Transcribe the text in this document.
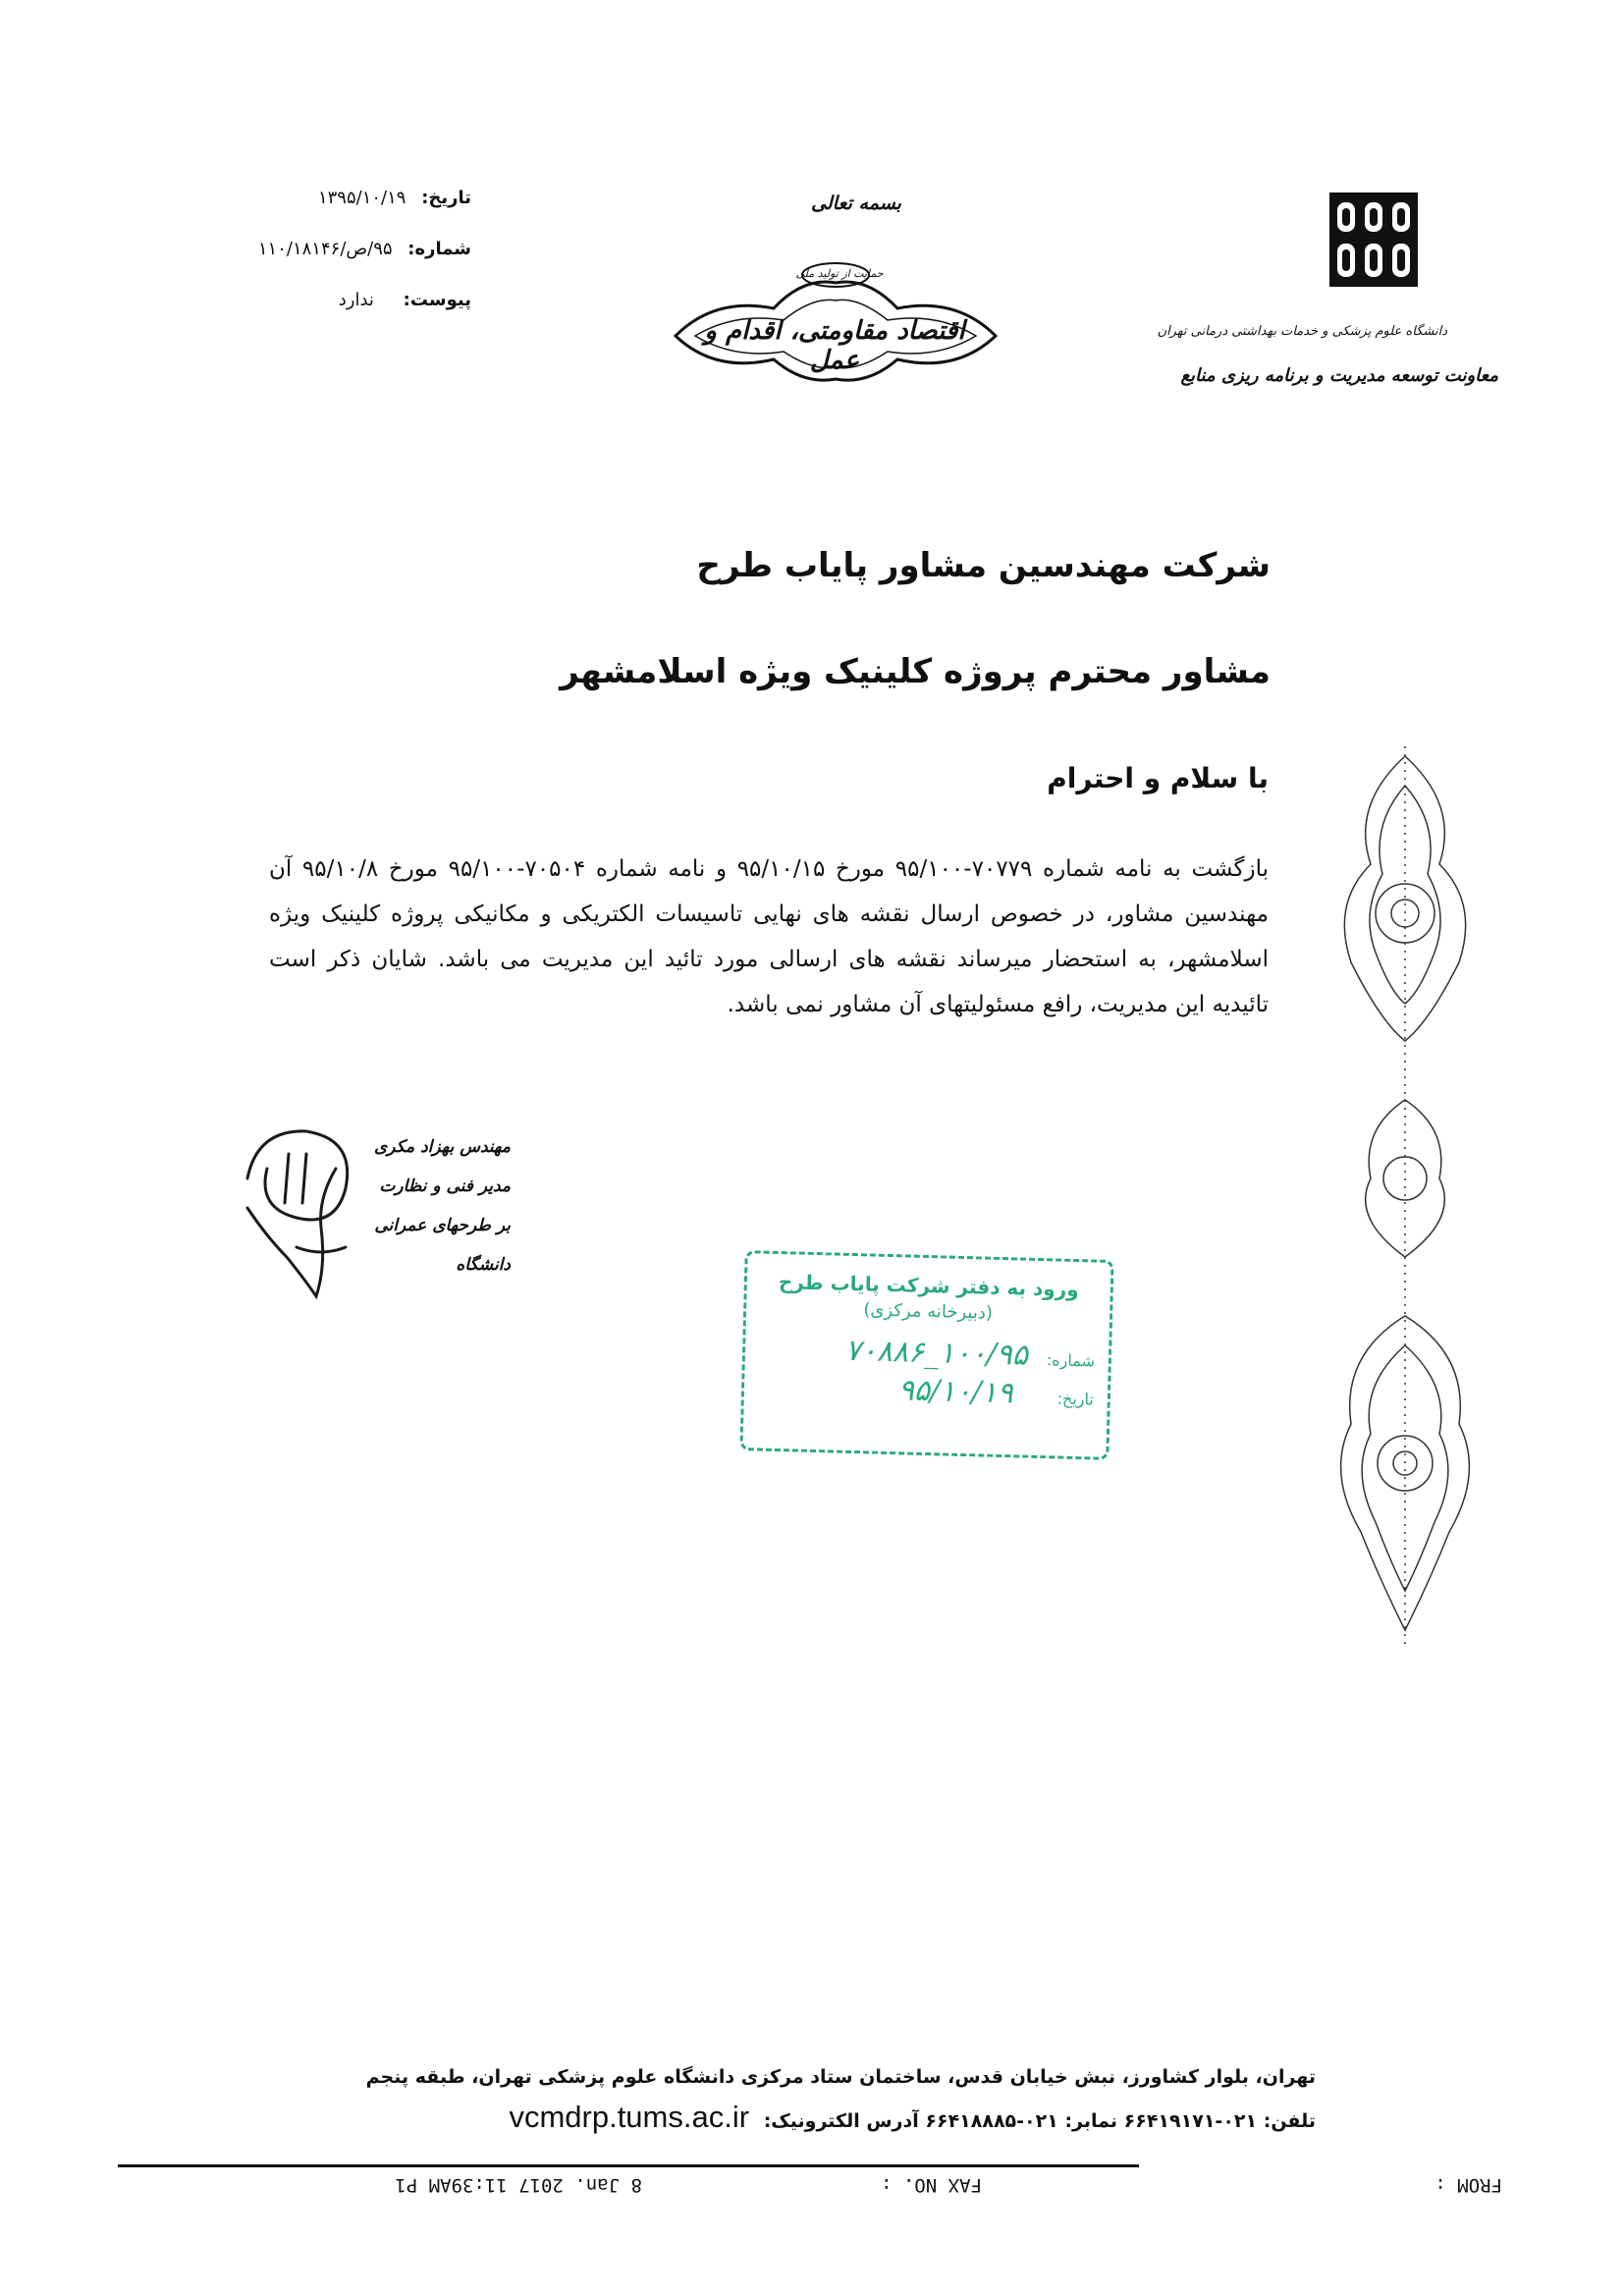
دانشگاه علوم پزشکی و خدمات بهداشتی درمانی تهران
معاونت توسعه مدیریت و برنامه ریزی منابع
بسمه تعالی
حمایت از تولید ملی
اقتصاد مقاومتی، اقدام و عمل
تاریخ: ۱۳۹۵/۱۰/۱۹
شماره: ۹۵/ص/۱۱۰/۱۸۱۴۶
پیوست: ندارد
شرکت مهندسین مشاور پایاب طرح
مشاور محترم پروژه کلینیک ویژه اسلامشهر
با سلام و احترام
بازگشت به نامه شماره ۷۰۷۷۹-۹۵/۱۰۰ مورخ ۹۵/۱۰/۱۵ و نامه شماره ۷۰۵۰۴-۹۵/۱۰۰ مورخ ۹۵/۱۰/۸ آن مهندسین مشاور، در خصوص ارسال نقشه های نهایی تاسیسات الکتریکی و مکانیکی پروژه کلینیک ویژه اسلامشهر، به استحضار میرساند نقشه های ارسالی مورد تائید این مدیریت می باشد. شایان ذکر است تائیدیه این مدیریت، رافع مسئولیتهای آن مشاور نمی باشد.
مهندس بهزاد مکری
مدیر فنی و نظارت
بر طرحهای عمرانی دانشگاه
ورود به دفتر شرکت پایاب طرح
(دبیرخانه مرکزی)
شماره: ۱۰۰/۹۵_۷۰۸۸۶
تاریخ: ۹۵/۱۰/۱۹
تهران، بلوار کشاورز، نبش خیابان قدس، ساختمان ستاد مرکزی دانشگاه علوم پزشکی تهران، طبقه پنجم
تلفن: ۰۲۱-۶۶۴۱۹۱۷۱ نمابر: ۰۲۱-۶۶۴۱۸۸۸۵ آدرس الکترونیک: vcmdrp.tums.ac.ir
8 Jan. 2017 11:39AM P1	FAX NO. :	FROM :
